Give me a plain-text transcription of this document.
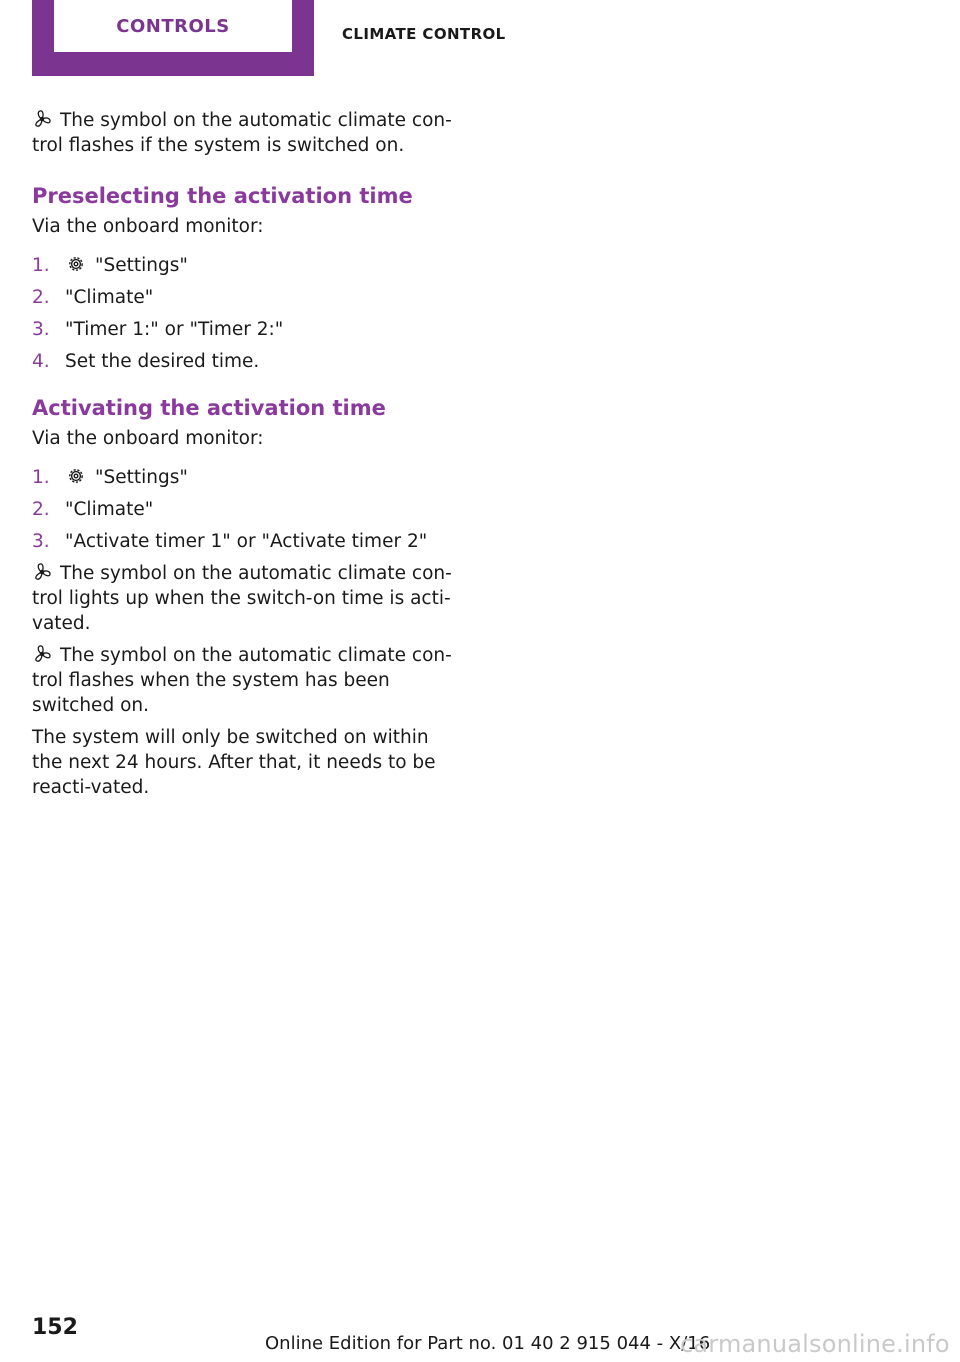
CONTROLS	CLIMATE CONTROL

The symbol on the automatic climate con-trol flashes if the system is switched on.

Preselecting the activation time

Via the onboard monitor:

1.	"Settings"
2. "Climate"
3. "Timer 1:" or "Timer 2:"
4. Set the desired time.
Activating the activation time

Via the onboard monitor:

1.	"Settings"
2. "Climate"
3. "Activate timer 1" or "Activate timer 2"

The symbol on the automatic climate con-trol lights up when the switch-on time is acti-vated.

The symbol on the automatic climate con-trol flashes when the system has been switched on.

The system will only be switched on within the next 24 hours. After that, it needs to be reacti-vated.

152
Online Edition for Part no. 01 40 2 915 044 - X/16
carmanualsonline.info
